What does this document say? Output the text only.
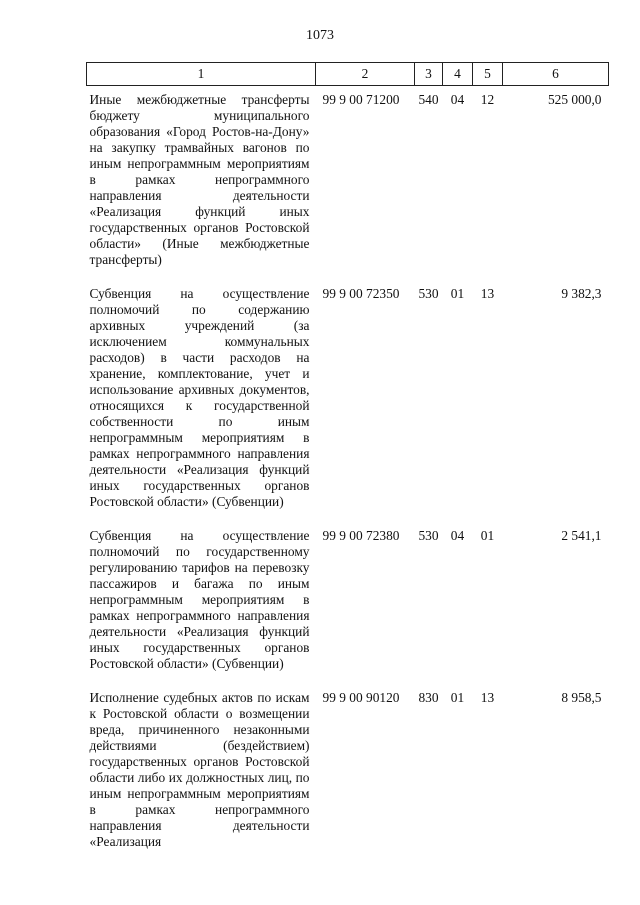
1073
1	2	3	4	5	6
Иные межбюджетные трансферты бюджету муниципального образования «Город Ростов-на-Дону» на закупку трамвайных вагонов по иным непрограммным мероприятиям в рамках непрограммного направления деятельности «Реализация функций иных государственных органов Ростовской области» (Иные межбюджетные трансферты)	99 9 00 71200	540	04	12	525 000,0
Субвенция на осуществление полномочий по содержанию архивных учреждений (за исключением коммунальных расходов) в части расходов на хранение, комплектование, учет и использование архивных документов, относящихся к государственной собственности по иным непрограммным мероприятиям в рамках непрограммного направления деятельности «Реализация функций иных государственных органов Ростовской области» (Субвенции)	99 9 00 72350	530	01	13	9 382,3
Субвенция на осуществление полномочий по государственному регулированию тарифов на перевозку пассажиров и багажа по иным непрограммным мероприятиям в рамках непрограммного направления деятельности «Реализация функций иных государственных органов Ростовской области» (Субвенции)	99 9 00 72380	530	04	01	2 541,1
Исполнение судебных актов по искам к Ростовской области о возмещении вреда, причиненного незаконными действиями (бездействием) государственных органов Ростовской области либо их должностных лиц, по иным непрограммным мероприятиям в рамках непрограммного направления деятельности «Реализация	99 9 00 90120	830	01	13	8 958,5
